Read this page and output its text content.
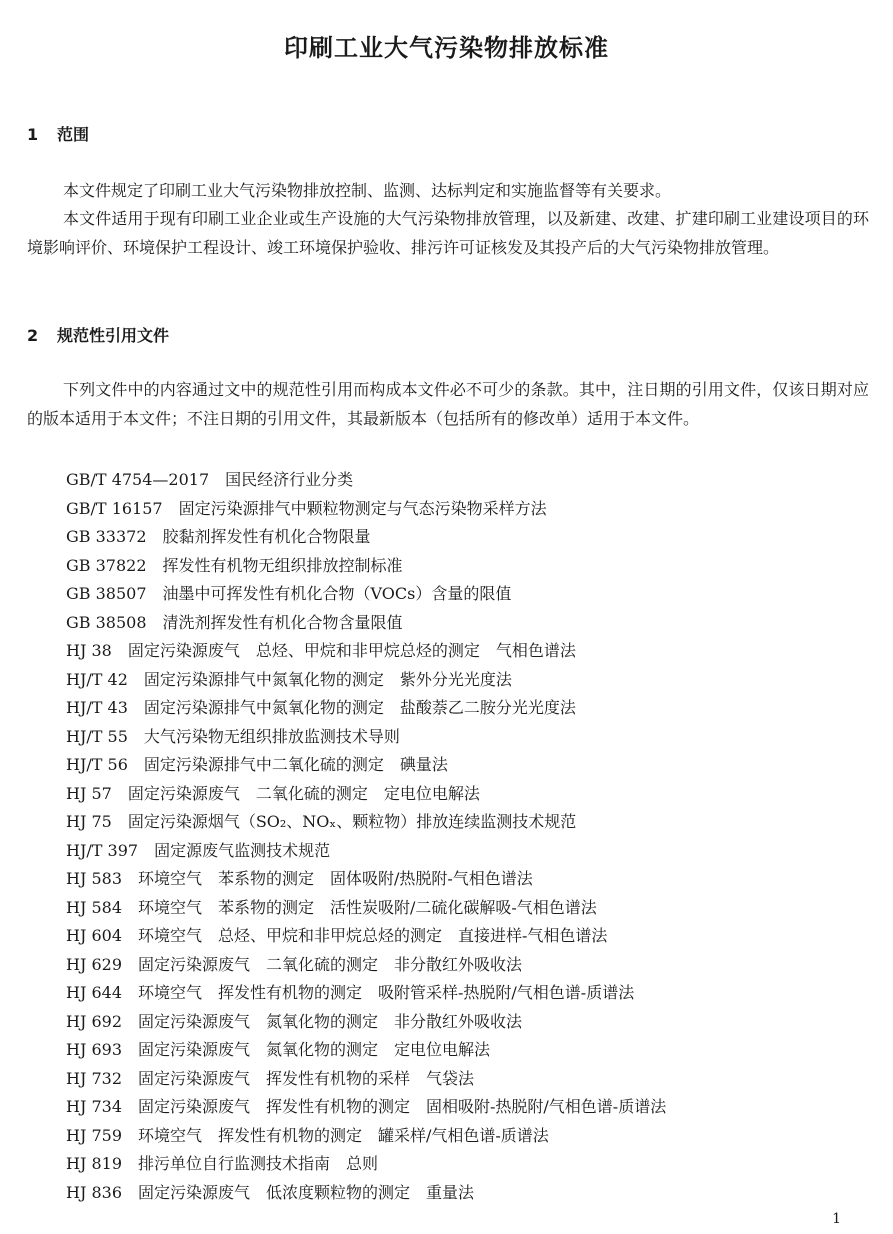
印刷工业大气污染物排放标准
1 范围

本文件规定了印刷工业大气污染物排放控制、监测、达标判定和实施监督等有关要求。

本文件适用于现有印刷工业企业或生产设施的大气污染物排放管理，以及新建、改建、扩建印刷工业建设项目的环境影响评价、环境保护工程设计、竣工环境保护验收、排污许可证核发及其投产后的大气污染物排放管理。

2 规范性引用文件

下列文件中的内容通过文中的规范性引用而构成本文件必不可少的条款。其中，注日期的引用文件，仅该日期对应的版本适用于本文件；不注日期的引用文件，其最新版本（包括所有的修改单）适用于本文件。

GB/T 4754—2017 国民经济行业分类
GB/T 16157 固定污染源排气中颗粒物测定与气态污染物采样方法
GB 33372 胶黏剂挥发性有机化合物限量
GB 37822 挥发性有机物无组织排放控制标准
GB 38507 油墨中可挥发性有机化合物（VOCs）含量的限值
GB 38508 清洗剂挥发性有机化合物含量限值
HJ 38 固定污染源废气　总烃、甲烷和非甲烷总烃的测定　气相色谱法
HJ/T 42 固定污染源排气中氮氧化物的测定　紫外分光光度法
HJ/T 43 固定污染源排气中氮氧化物的测定　盐酸萘乙二胺分光光度法
HJ/T 55 大气污染物无组织排放监测技术导则
HJ/T 56 固定污染源排气中二氧化硫的测定　碘量法
HJ 57 固定污染源废气　二氧化硫的测定　定电位电解法
HJ 75 固定污染源烟气（SO₂、NOₓ、颗粒物）排放连续监测技术规范
HJ/T 397 固定源废气监测技术规范
HJ 583 环境空气　苯系物的测定　固体吸附/热脱附-气相色谱法
HJ 584 环境空气　苯系物的测定　活性炭吸附/二硫化碳解吸-气相色谱法
HJ 604 环境空气　总烃、甲烷和非甲烷总烃的测定　直接进样-气相色谱法
HJ 629 固定污染源废气　二氧化硫的测定　非分散红外吸收法
HJ 644 环境空气　挥发性有机物的测定　吸附管采样-热脱附/气相色谱-质谱法
HJ 692 固定污染源废气　氮氧化物的测定　非分散红外吸收法
HJ 693 固定污染源废气　氮氧化物的测定　定电位电解法
HJ 732 固定污染源废气　挥发性有机物的采样　气袋法
HJ 734 固定污染源废气　挥发性有机物的测定　固相吸附-热脱附/气相色谱-质谱法
HJ 759 环境空气　挥发性有机物的测定　罐采样/气相色谱-质谱法
HJ 819 排污单位自行监测技术指南　总则
HJ 836 固定污染源废气　低浓度颗粒物的测定　重量法
1
